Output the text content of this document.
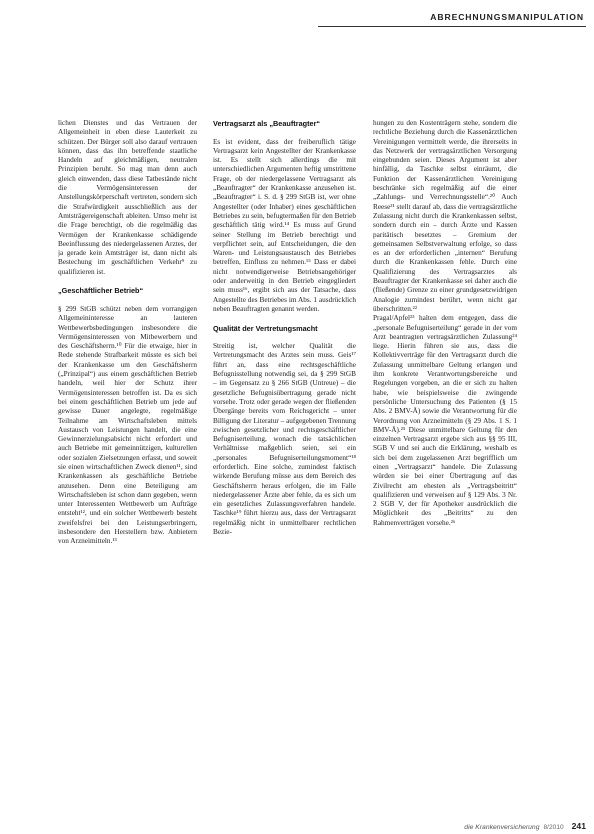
ABRECHNUNGSMANIPULATION

lichen Dienstes und das Vertrauen der Allgemeinheit in eben diese Lauterkeit zu schützen. Der Bürger soll also darauf vertrauen können, dass das ihn betreffende staatliche Handeln auf gleichmäßigen, neutralen Prinzipien beruht. So mag man denn auch gleich einwenden, dass diese Tatbestände nicht die Vermögensinteressen der Anstellungskörperschaft vertreten, sondern sich die Strafwürdigkeit ausschließlich aus der Amtsträgereigenschaft ableiten. Umso mehr ist die Frage berechtigt, ob die regelmäßig das Vermögen der Krankenkasse schädigende Beeinflussung des niedergelassenen Arztes, der ja gerade kein Amtsträger ist, dann nicht als Bestechung im geschäftlichen Verkehr⁹ zu qualifizieren ist.

„Geschäftlicher Betrieb“

§ 299 StGB schützt neben dem vorrangigen Allgemeininteresse an lauteren Wettbewerbsbedingungen insbesondere die Vermögensinteressen von Mitbewerbern und des Geschäftsherrn.¹⁰ Für die etwaige, hier in Rede stehende Strafbarkeit müsste es sich bei der Krankenkasse um den Geschäftsherrn („Prinzipal“) aus einem geschäftlichen Betrieb handeln, weil hier der Schutz ihrer Vermögensinteressen betroffen ist. Da es sich bei einem geschäftlichen Betrieb um jede auf gewisse Dauer angelegte, regelmäßige Teilnahme am Wirtschaftsleben mittels Austausch von Leistungen handelt, die eine Gewinnerzielungsabsicht nicht erfordert und auch Betriebe mit gemeinnützigen, kulturellen oder sozialen Zielsetzungen erfasst, und soweit sie einen wirtschaftlichen Zweck dienen¹¹, sind Krankenkassen als geschäftliche Betriebe anzusehen. Denn eine Beteiligung am Wirtschaftsleben ist schon dann gegeben, wenn unter Interessenten Wettbewerb um Aufträge entsteht¹², und ein solcher Wettbewerb besteht zweifelsfrei bei den Leistungserbringern, insbesondere den Herstellern bzw. Anbietern von Arzneimitteln.¹³

Vertragsarzt als „Beauftragter“

Es ist evident, dass der freiberuflich tätige Vertragsarzt kein Angestellter der Krankenkasse ist. Es stellt sich allerdings die mit unterschiedlichen Argumenten heftig umstrittene Frage, ob der niedergelassene Vertragsarzt als „Beauftragter“ der Krankenkasse anzusehen ist. „Beauftragter“ i. S. d. § 299 StGB ist, wer ohne Angestellter (oder Inhaber) eines geschäftlichen Betriebes zu sein, befugtermaßen für den Betrieb geschäftlich tätig wird.¹⁴ Es muss auf Grund seiner Stellung im Betrieb berechtigt und verpflichtet sein, auf Entscheidungen, die den Waren- und Leistungsaustausch des Betriebes betreffen, Einfluss zu nehmen.¹⁵ Dass er dabei nicht notwendigerweise Betriebsangehöriger oder anderweitig in den Betrieb eingegliedert sein muss¹⁶, ergibt sich aus der Tatsache, dass Angestellte des Betriebes im Abs. 1 ausdrücklich neben Beauftragten genannt werden.

Qualität der Vertretungsmacht

Streitig ist, welcher Qualität die Vertretungsmacht des Arztes sein muss. Geis¹⁷ führt an, dass eine rechtsgeschäftliche Befugnisstellung notwendig sei, da § 299 StGB – im Gegensatz zu § 266 StGB (Untreue) – die gesetzliche Befugnisübertragung gerade nicht vorsehe. Trotz oder gerade wegen der fließenden Übergänge bereits vom Reichsgericht – unter Billigung der Literatur – aufgegebenen Trennung zwischen gesetzlicher und rechtsgeschäftlicher Befugniserteilung, wonach die tatsächlichen Verhältnisse maßgeblich seien, sei ein „personales Befugniserteilungsmoment“¹⁸ erforderlich. Eine solche, zumindest faktisch wirkende Berufung müsse aus dem Bereich des Geschäftsherrn heraus erfolgen, die im Falle niedergelassener Ärzte aber fehle, da es sich um ein gesetzliches Zulassungsverfahren handele. Taschke¹⁹ führt hierzu aus, dass der Vertragsarzt regelmäßig nicht in unmittelbarer rechtlichen Bezie-

hungen zu den Kostenträgern stehe, sondern die rechtliche Beziehung durch die Kassenärztlichen Vereinigungen vermittelt werde, die ihrerseits in das Netzwerk der vertragsärztlichen Versorgung eingebunden seien. Dieses Argument ist aber hinfällig, da Taschke selbst einräumt, die Funktion der Kassenärztlichen Vereinigung beschränke sich regelmäßig auf die einer „Zahlungs- und Verrechnungsstelle“.²⁰ Auch Reese²¹ stellt darauf ab, dass die vertragsärztliche Zulassung nicht durch die Krankenkassen selbst, sondern durch ein – durch Ärzte und Kassen paritätisch besetztes – Gremium der gemeinsamen Selbstverwaltung erfolge, so dass es an der erforderlichen „internen“ Berufung durch die Krankenkassen fehle. Durch eine Qualifizierung des Vertragsarztes als Beauftragter der Krankenkasse sei daher auch die (fließende) Grenze zu einer grundgesetzwidrigen Analogie zumindest berührt, wenn nicht gar überschritten.²²

Pragal/Apfel²³ halten dem entgegen, dass die „personale Befugniserteilung“ gerade in der vom Arzt beantragten vertragsärztlichen Zulassung²⁴ liege. Hierin führen sie aus, dass die Kollektivverträge für den Vertragsarzt durch die Zulassung unmittelbare Geltung erlangen und ihm konkrete Verantwortungsbereiche und Regelungen vorgeben, an die er sich zu halten habe, wie beispielsweise die zwingende persönliche Untersuchung des Patienten (§ 15 Abs. 2 BMV-Ä) sowie die Verantwortung für die Verordnung von Arzneimitteln (§ 29 Abs. 1 S. 1 BMV-Ä).²⁵ Diese unmittelbare Geltung für den einzelnen Vertragsarzt ergebe sich aus §§ 95 III, SGB V und sei auch die Erklärung, weshalb es sich bei dem zugelassenen Arzt begrifflich um einen „Vertragsarzt“ handele. Die Zulassung würden sie bei einer Übertragung auf das Zivilrecht am ehesten als „Vertragsbeitritt“ qualifizieren und verweisen auf § 129 Abs. 3 Nr. 2 SGB V, der für Apotheker ausdrücklich die Möglichkeit des „Beitritts“ zu den Rahmenverträgen vorsehe.²⁶

die Krankenversicherung 8/2010 241
